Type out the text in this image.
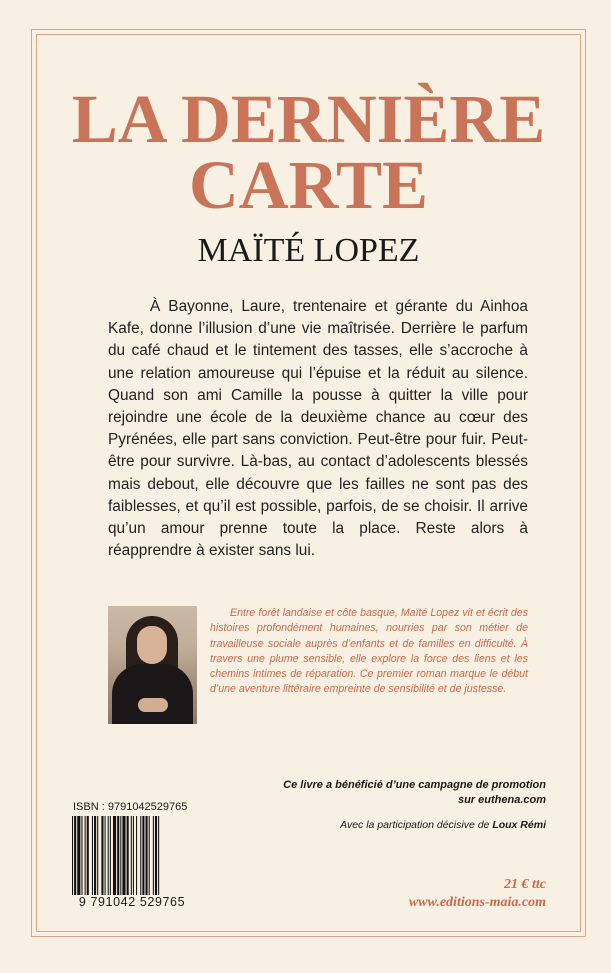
LA DERNIÈRE
CARTE
MAÏTÉ LOPEZ

À Bayonne, Laure, trentenaire et gérante du Ainhoa Kafe, donne l’illusion d’une vie maîtrisée. Derrière le parfum du café chaud et le tintement des tasses, elle s’accroche à une relation amoureuse qui l’épuise et la réduit au silence. Quand son ami Camille la pousse à quitter la ville pour rejoindre une école de la deuxième chance au cœur des Pyrénées, elle part sans conviction. Peut-être pour fuir. Peut-être pour survivre. Là-bas, au contact d’adolescents blessés mais debout, elle découvre que les failles ne sont pas des faiblesses, et qu’il est possible, parfois, de se choisir. Il arrive qu’un amour prenne toute la place. Reste alors à réapprendre à exister sans lui.

Entre forêt landaise et côte basque, Maïté Lopez vit et écrit des histoires profondément humaines, nourries par son métier de travailleuse sociale auprès d’enfants et de familles en difficulté. À travers une plume sensible, elle explore la force des liens et les chemins intimes de réparation. Ce premier roman marque le début d’une aventure littéraire empreinte de sensibilité et de justesse.

Ce livre a bénéficié d’une campagne de promotion
sur euthena.com

Avec la participation décisive de Loux Rémi

21 € ttc
www.editions-maia.com
ISBN : 9791042529765
9 791042 529765
